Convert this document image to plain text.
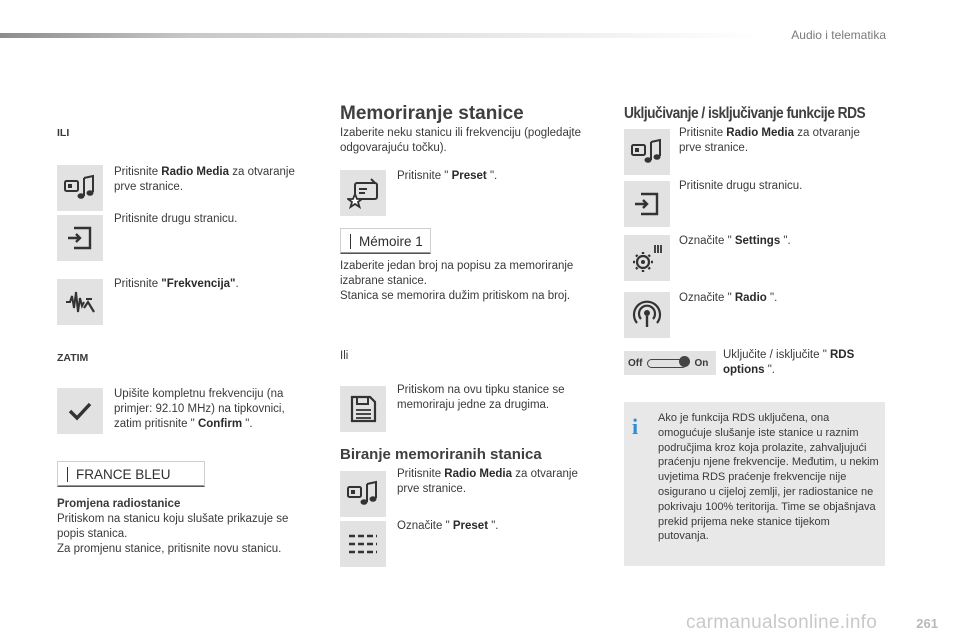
Audio i telematika
ILI
Pritisnite Radio Media za otvaranje prve stranice.
Pritisnite drugu stranicu.
Pritisnite "Frekvencija".
ZATIM
Upišite kompletnu frekvenciju (na primjer: 92.10 MHz) na tipkovnici, zatim pritisnite " Confirm ".
FRANCE BLEU
Promjena radiostanice
Pritiskom na stanicu koju slušate prikazuje se popis stanica.
Za promjenu stanice, pritisnite novu stanicu.
Memoriranje stanice
Izaberite neku stanicu ili frekvenciju (pogledajte odgovarajuću točku).
Pritisnite " Preset ".
Mémoire 1
Izaberite jedan broj na popisu za memoriranje izabrane stanice.
Stanica se memorira dužim pritiskom na broj.
Ili
Pritiskom na ovu tipku stanice se memoriraju jedne za drugima.
Biranje memoriranih stanica
Pritisnite Radio Media za otvaranje prve stranice.
Označite " Preset ".
Uključivanje / isključivanje funkcije RDS
Pritisnite Radio Media za otvaranje prve stranice.
Pritisnite drugu stranicu.
Označite " Settings ".
Označite " Radio ".
Off	On
Uključite / isključite " RDS options ".
i Ako je funkcija RDS uključena, ona omogućuje slušanje iste stanice u raznim područjima kroz koja prolazite, zahvaljujući praćenju njene frekvencije. Međutim, u nekim uvjetima RDS praćenje frekvencije nije osigurano u cijeloj zemlji, jer radiostanice ne pokrivaju 100% teritorija. Time se objašnjava prekid prijema neke stanice tijekom putovanja.
carmanualsonline.info	261
